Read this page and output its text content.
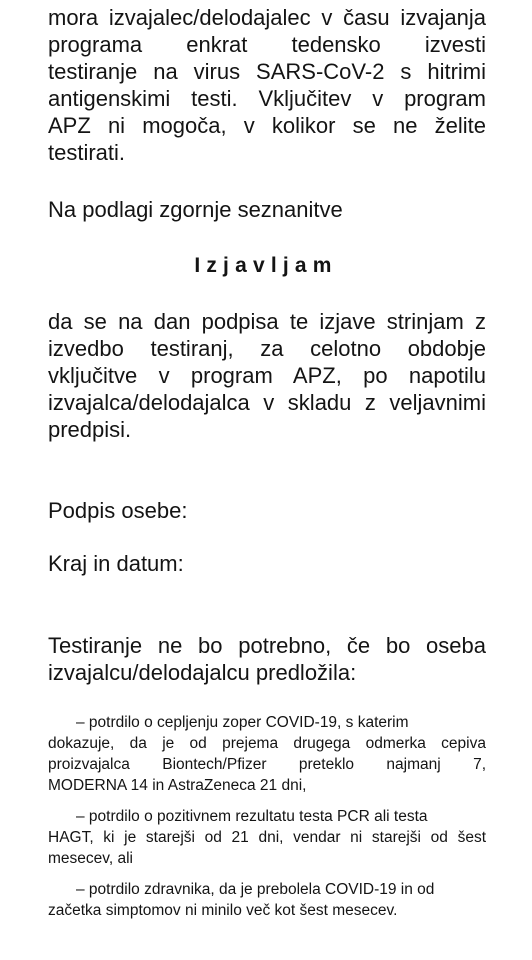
mora izvajalec/delodajalec v času izvajanja

programa enkrat tedensko izvesti

testiranje na virus SARS-CoV-2 s hitrimi

antigenskimi testi. Vključitev v program

APZ ni mogoča, v kolikor se ne želite

testirati.

Na podlagi zgornje seznanitve

Izjavljam

da se na dan podpisa te izjave strinjam z

izvedbo testiranj, za celotno obdobje

vključitve v program APZ, po napotilu

izvajalca/delodajalca v skladu z veljavnimi

predpisi.

Podpis osebe:

Kraj in datum:

Testiranje ne bo potrebno, če bo oseba

izvajalcu/delodajalcu predložila:

– potrdilo o cepljenju zoper COVID-19, s katerim

dokazuje, da je od prejema drugega odmerka cepiva

proizvajalca Biontech/Pfizer preteklo najmanj 7,

MODERNA 14 in AstraZeneca 21 dni,

– potrdilo o pozitivnem rezultatu testa PCR ali testa

HAGT, ki je starejši od 21 dni, vendar ni starejši od šest

mesecev, ali

– potrdilo zdravnika, da je prebolela COVID-19 in od

začetka simptomov ni minilo več kot šest mesecev.
